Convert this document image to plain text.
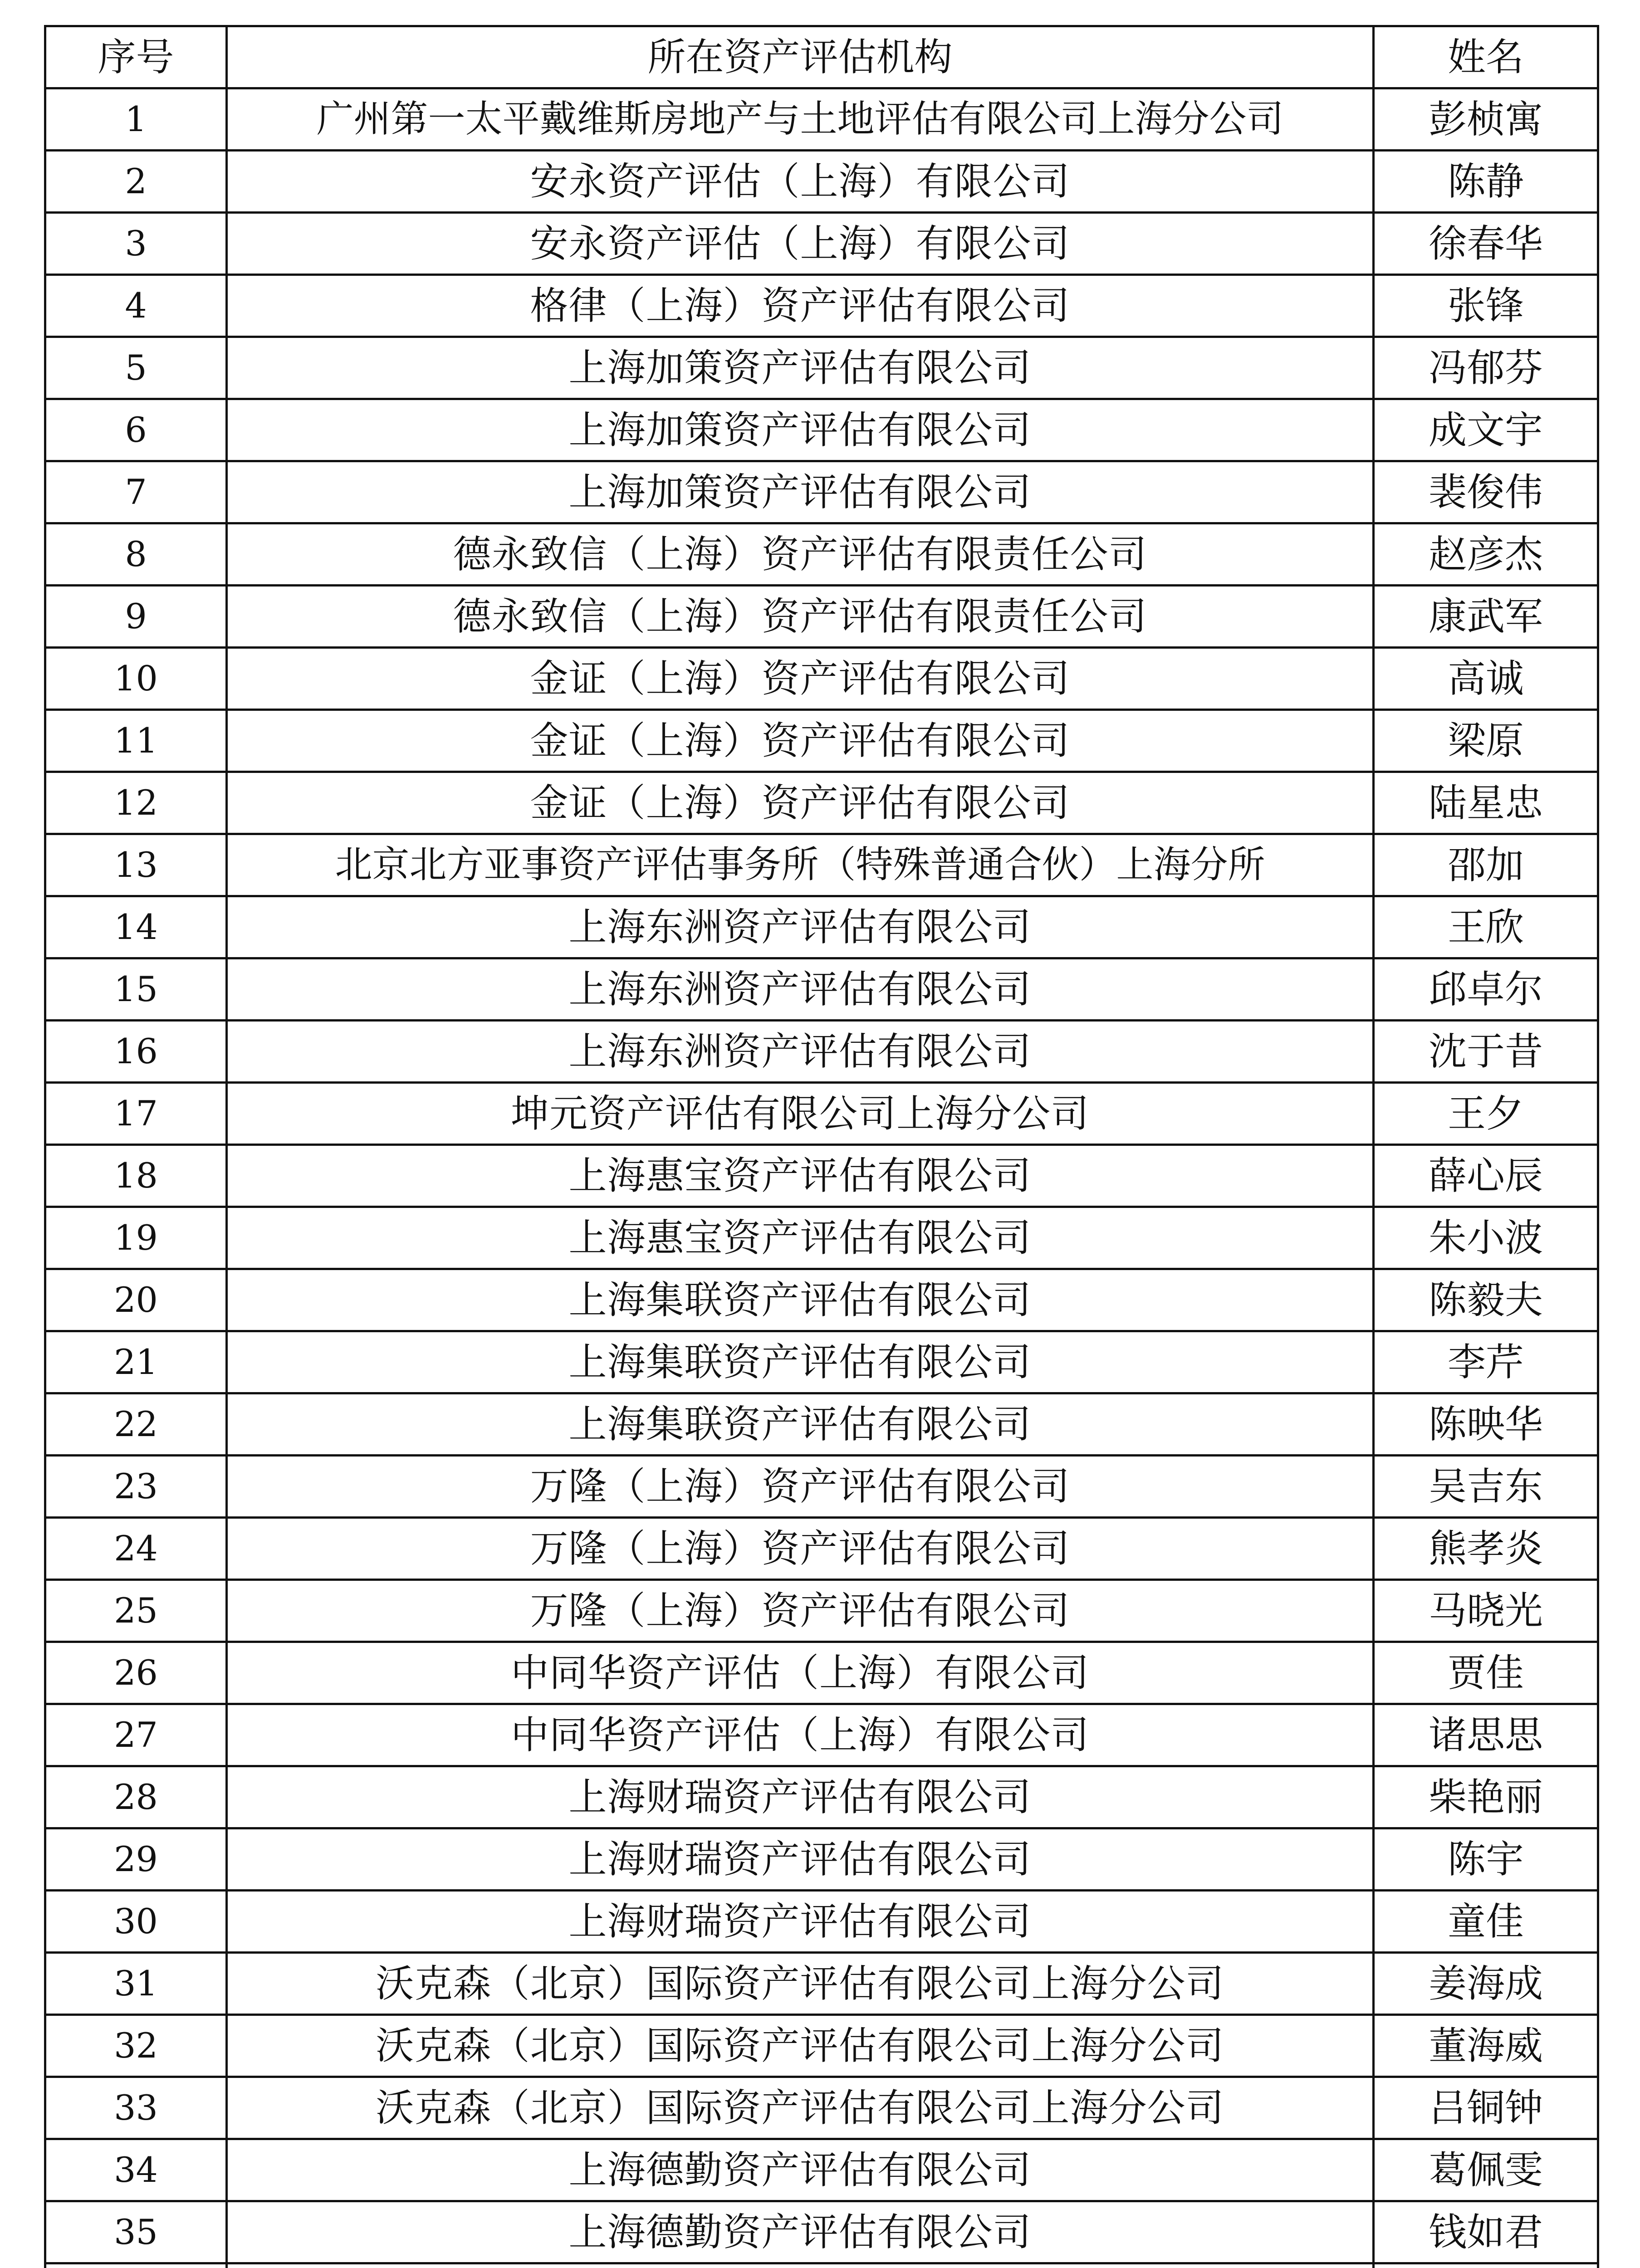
序号	所在资产评估机构	姓名
1	广州第一太平戴维斯房地产与土地评估有限公司上海分公司	彭桢寓
2	安永资产评估（上海）有限公司	陈静
3	安永资产评估（上海）有限公司	徐春华
4	格律（上海）资产评估有限公司	张锋
5	上海加策资产评估有限公司	冯郁芬
6	上海加策资产评估有限公司	成文宇
7	上海加策资产评估有限公司	裴俊伟
8	德永致信（上海）资产评估有限责任公司	赵彦杰
9	德永致信（上海）资产评估有限责任公司	康武军
10	金证（上海）资产评估有限公司	高诚
11	金证（上海）资产评估有限公司	梁原
12	金证（上海）资产评估有限公司	陆星忠
13	北京北方亚事资产评估事务所（特殊普通合伙）上海分所	邵加
14	上海东洲资产评估有限公司	王欣
15	上海东洲资产评估有限公司	邱卓尔
16	上海东洲资产评估有限公司	沈于昔
17	坤元资产评估有限公司上海分公司	王夕
18	上海惠宝资产评估有限公司	薛心辰
19	上海惠宝资产评估有限公司	朱小波
20	上海集联资产评估有限公司	陈毅夫
21	上海集联资产评估有限公司	李芹
22	上海集联资产评估有限公司	陈映华
23	万隆（上海）资产评估有限公司	吴吉东
24	万隆（上海）资产评估有限公司	熊孝炎
25	万隆（上海）资产评估有限公司	马晓光
26	中同华资产评估（上海）有限公司	贾佳
27	中同华资产评估（上海）有限公司	诸思思
28	上海财瑞资产评估有限公司	柴艳丽
29	上海财瑞资产评估有限公司	陈宇
30	上海财瑞资产评估有限公司	童佳
31	沃克森（北京）国际资产评估有限公司上海分公司	姜海成
32	沃克森（北京）国际资产评估有限公司上海分公司	董海威
33	沃克森（北京）国际资产评估有限公司上海分公司	吕铜钟
34	上海德勤资产评估有限公司	葛佩雯
35	上海德勤资产评估有限公司	钱如君
